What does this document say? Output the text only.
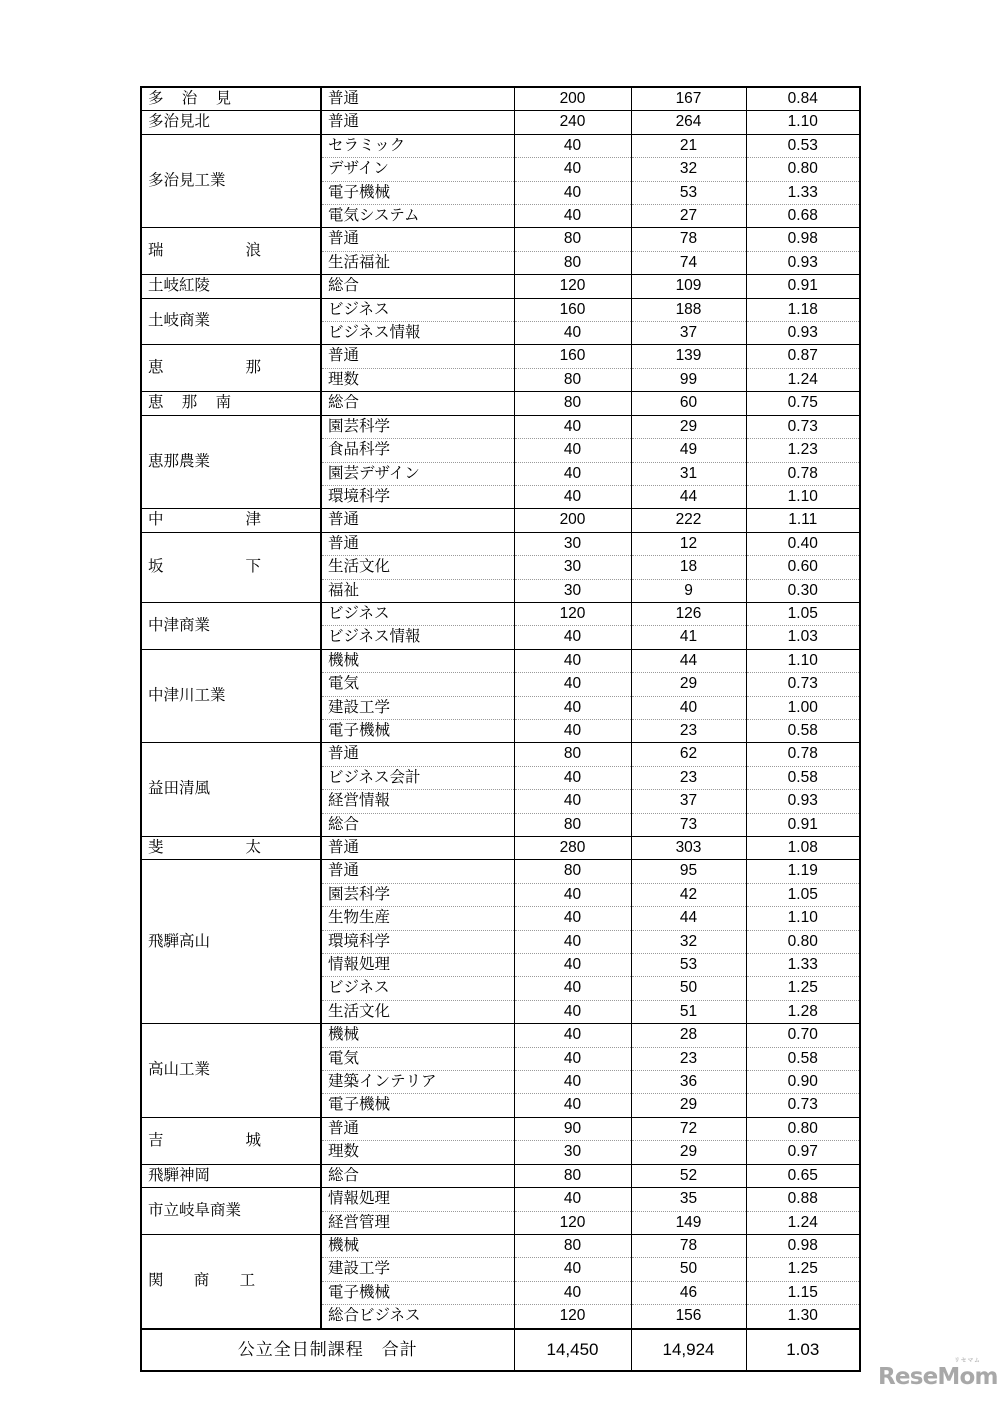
多 治 見	普通	200	167	0.84
多治見北	普通	240	264	1.10
多治見工業	セラミック	40	21	0.53
	デザイン	40	32	0.80
	電子機械	40	53	1.33
	電気システム	40	27	0.68
瑞　　浪	普通	80	78	0.98
	生活福祉	80	74	0.93
土岐紅陵	総合	120	109	0.91
土岐商業	ビジネス	160	188	1.18
	ビジネス情報	40	37	0.93
恵　　那	普通	160	139	0.87
	理数	80	99	1.24
恵 那 南	総合	80	60	0.75
恵那農業	園芸科学	40	29	0.73
	食品科学	40	49	1.23
	園芸デザイン	40	31	0.78
	環境科学	40	44	1.10
中　　津	普通	200	222	1.11
坂　　下	普通	30	12	0.40
	生活文化	30	18	0.60
	福祉	30	9	0.30
中津商業	ビジネス	120	126	1.05
	ビジネス情報	40	41	1.03
中津川工業	機械	40	44	1.10
	電気	40	29	0.73
	建設工学	40	40	1.00
	電子機械	40	23	0.58
益田清風	普通	80	62	0.78
	ビジネス会計	40	23	0.58
	経営情報	40	37	0.93
	総合	80	73	0.91
斐　　太	普通	280	303	1.08
飛騨高山	普通	80	95	1.19
	園芸科学	40	42	1.05
	生物生産	40	44	1.10
	環境科学	40	32	0.80
	情報処理	40	53	1.33
	ビジネス	40	50	1.25
	生活文化	40	51	1.28
高山工業	機械	40	28	0.70
	電気	40	23	0.58
	建築インテリア	40	36	0.90
	電子機械	40	29	0.73
吉　　城	普通	90	72	0.80
	理数	30	29	0.97
飛騨神岡	総合	80	52	0.65
市立岐阜商業	情報処理	40	35	0.88
	経営管理	120	149	1.24
関 商 工	機械	80	78	0.98
	建設工学	40	50	1.25
	電子機械	40	46	1.15
	総合ビジネス	120	156	1.30
公立全日制課程　合計		14,450	14,924	1.03
リセマム
ReseMom
